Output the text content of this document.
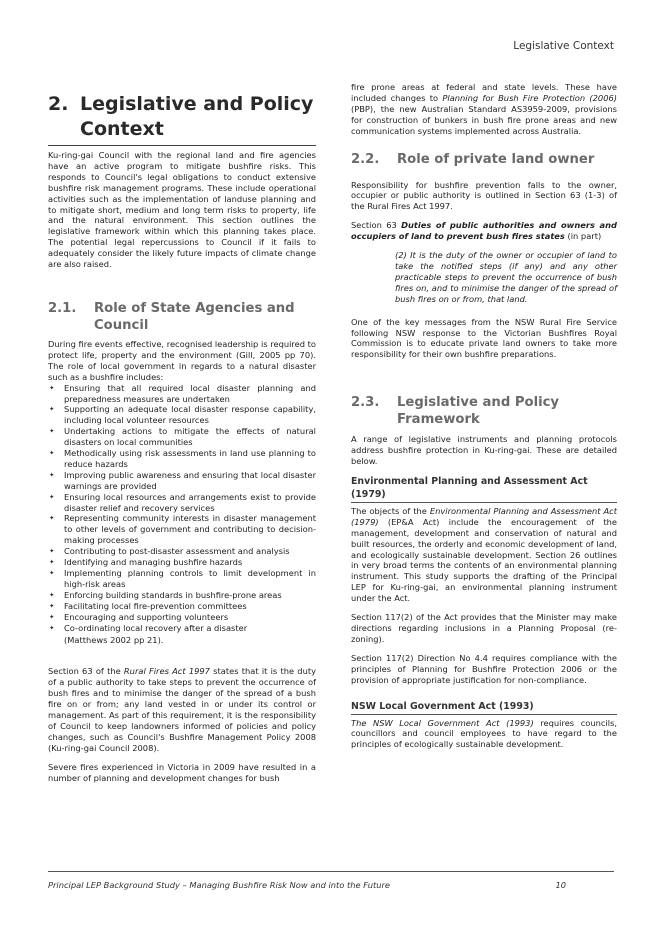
Legislative Context
2. Legislative and Policy Context

Ku-ring-gai Council with the regional land and fire agencies have an active program to mitigate bushfire risks. This responds to Council's legal obligations to conduct extensive bushfire risk management programs. These include operational activities such as the implementation of landuse planning and to mitigate short, medium and long term risks to property, life and the natural environment. This section outlines the legislative framework within which this planning takes place. The potential legal repercussions to Council if it fails to adequately consider the likely future impacts of climate change are also raised.

2.1.	Role of State Agencies and Council

During fire events effective, recognised leadership is required to protect life, property and the environment (Gill, 2005 pp 70). The role of local government in regards to a natural disaster such as a bushfire includes:

✦ Ensuring that all required local disaster planning and preparedness measures are undertaken
✦ Supporting an adequate local disaster response capability, including local volunteer resources
✦ Undertaking actions to mitigate the effects of natural disasters on local communities
✦ Methodically using risk assessments in land use planning to reduce hazards
✦ Improving public awareness and ensuring that local disaster warnings are provided
✦ Ensuring local resources and arrangements exist to provide disaster relief and recovery services
✦ Representing community interests in disaster management to other levels of government and contributing to decision-making processes
✦ Contributing to post-disaster assessment and analysis
✦ Identifying and managing bushfire hazards
✦ Implementing planning controls to limit development in high-risk areas
✦ Enforcing building standards in bushfire-prone areas
✦ Facilitating local fire-prevention committees
✦ Encouraging and supporting volunteers
✦ Co-ordinating local recovery after a disaster
(Matthews 2002 pp 21).

Section 63 of the Rural Fires Act 1997 states that it is the duty of a public authority to take steps to prevent the occurrence of bush fires and to minimise the danger of the spread of a bush fire on or from; any land vested in or under its control or management. As part of this requirement, it is the responsibility of Council to keep landowners informed of policies and policy changes, such as Council's Bushfire Management Policy 2008 (Ku-ring-gai Council 2008).

Severe fires experienced in Victoria in 2009 have resulted in a number of planning and development changes for bush

fire prone areas at federal and state levels. These have included changes to Planning for Bush Fire Protection (2006) (PBP), the new Australian Standard AS3959-2009, provisions for construction of bunkers in bush fire prone areas and new communication systems implemented across Australia.

2.2.	Role of private land owner

Responsibility for bushfire prevention falls to the owner, occupier or public authority is outlined in Section 63 (1-3) of the Rural Fires Act 1997.

Section 63 Duties of public authorities and owners and occupiers of land to prevent bush fires states (in part)

(2) It is the duty of the owner or occupier of land to take the notified steps (if any) and any other practicable steps to prevent the occurrence of bush fires on, and to minimise the danger of the spread of bush fires on or from, that land.

One of the key messages from the NSW Rural Fire Service following NSW response to the Victorian Bushfires Royal Commission is to educate private land owners to take more responsibility for their own bushfire preparations.

2.3.	Legislative and Policy Framework

A range of legislative instruments and planning protocols address bushfire protection in Ku-ring-gai. These are detailed below.

Environmental Planning and Assessment Act (1979)

The objects of the Environmental Planning and Assessment Act (1979) (EP&A Act) include the encouragement of the management, development and conservation of natural and built resources, the orderly and economic development of land, and ecologically sustainable development. Section 26 outlines in very broad terms the contents of an environmental planning instrument. This study supports the drafting of the Principal LEP for Ku-ring-gai, an environmental planning instrument under the Act.

Section 117(2) of the Act provides that the Minister may make directions regarding inclusions in a Planning Proposal (re-zoning).

Section 117(2) Direction No 4.4 requires compliance with the principles of Planning for Bushfire Protection 2006 or the provision of appropriate justification for non-compliance.

NSW Local Government Act (1993)

The NSW Local Government Act (1993) requires councils, councillors and council employees to have regard to the principles of ecologically sustainable development.

Principal LEP Background Study – Managing Bushfire Risk Now and into the Future	10
